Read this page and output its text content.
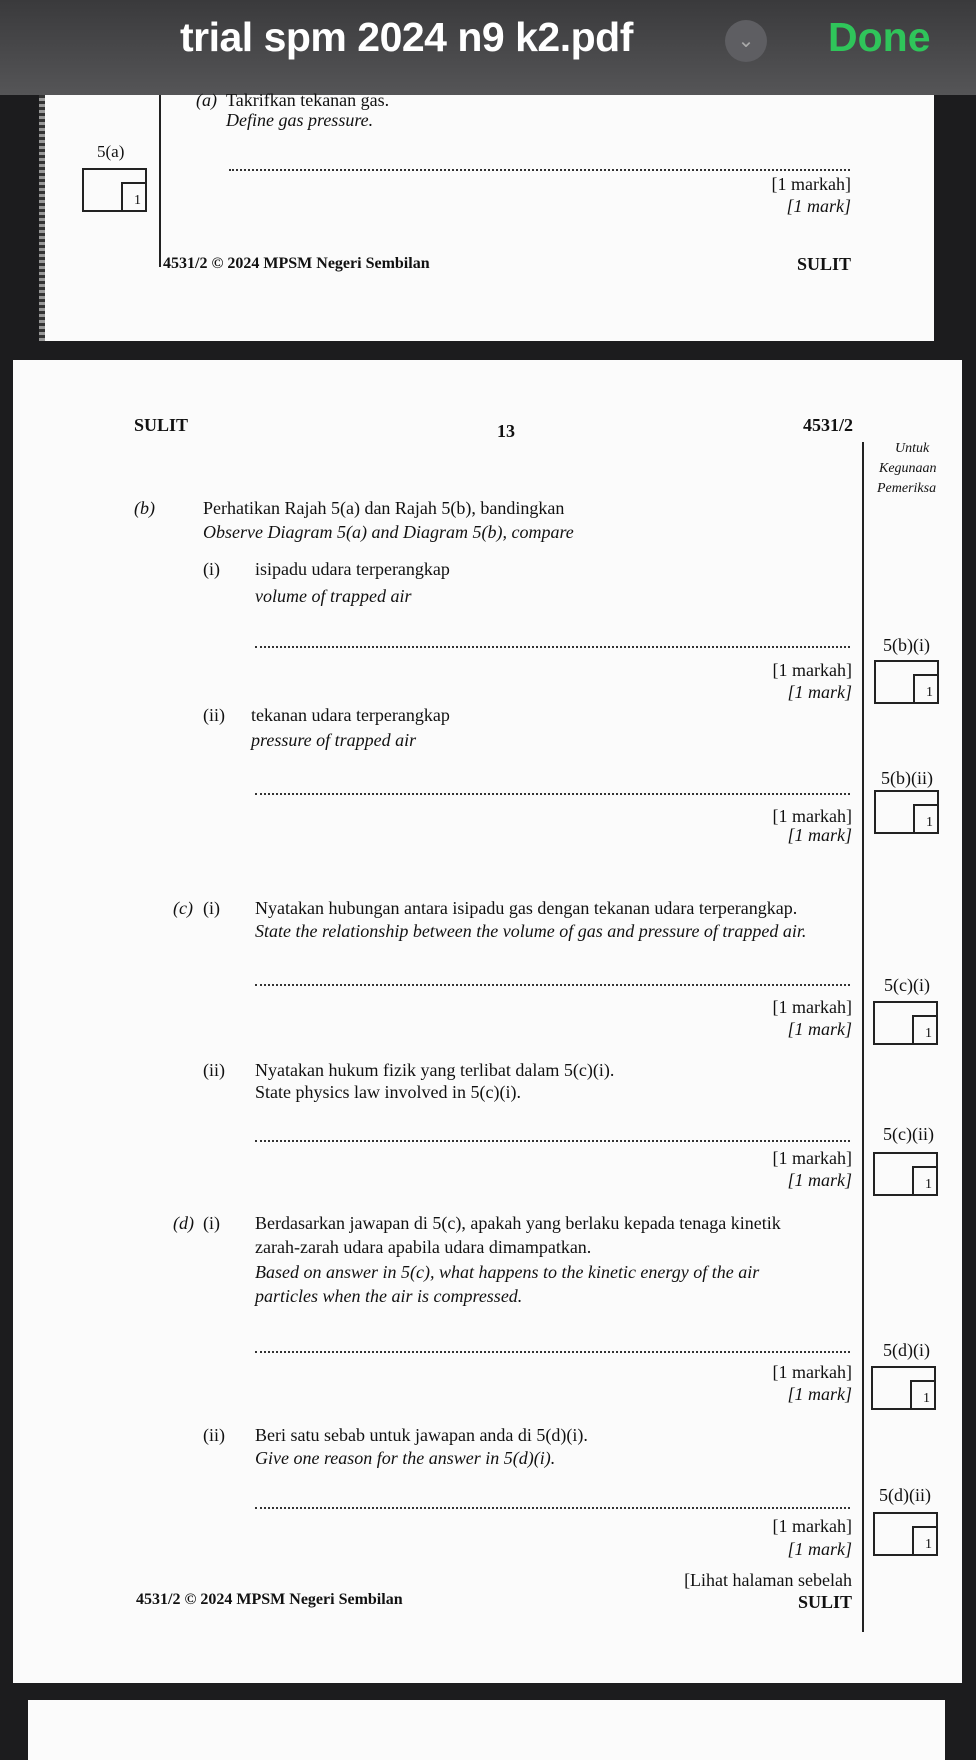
trial spm 2024 n9 k2.pdf	⌄	Done
(a) Takrifkan tekanan gas.
Define gas pressure.
5(a)
1
[1 markah]
[1 mark]
4531/2 © 2024 MPSM Negeri Sembilan	SULIT
SULIT	13	4531/2
Untuk
Kegunaan
Pemeriksa
(b)	Perhatikan Rajah 5(a) dan Rajah 5(b), bandingkan
Observe Diagram 5(a) and Diagram 5(b), compare
(i) isipadu udara terperangkap
volume of trapped air
[1 markah]
[1 mark]
5(b)(i)
1
(ii) tekanan udara terperangkap
pressure of trapped air
[1 markah]
[1 mark]
5(b)(ii)
1
(c) (i) Nyatakan hubungan antara isipadu gas dengan tekanan udara terperangkap.
State the relationship between the volume of gas and pressure of trapped air.
[1 markah]
[1 mark]
5(c)(i)
1
(ii) Nyatakan hukum fizik yang terlibat dalam 5(c)(i).
State physics law involved in 5(c)(i).
[1 markah]
[1 mark]
5(c)(ii)
1
(d) (i) Berdasarkan jawapan di 5(c), apakah yang berlaku kepada tenaga kinetik
zarah-zarah udara apabila udara dimampatkan.
Based on answer in 5(c), what happens to the kinetic energy of the air
particles when the air is compressed.
[1 markah]
[1 mark]
5(d)(i)
1
(ii) Beri satu sebab untuk jawapan anda di 5(d)(i).
Give one reason for the answer in 5(d)(i).
[1 markah]
[1 mark]
5(d)(ii)
1
[Lihat halaman sebelah
4531/2 © 2024 MPSM Negeri Sembilan	SULIT
